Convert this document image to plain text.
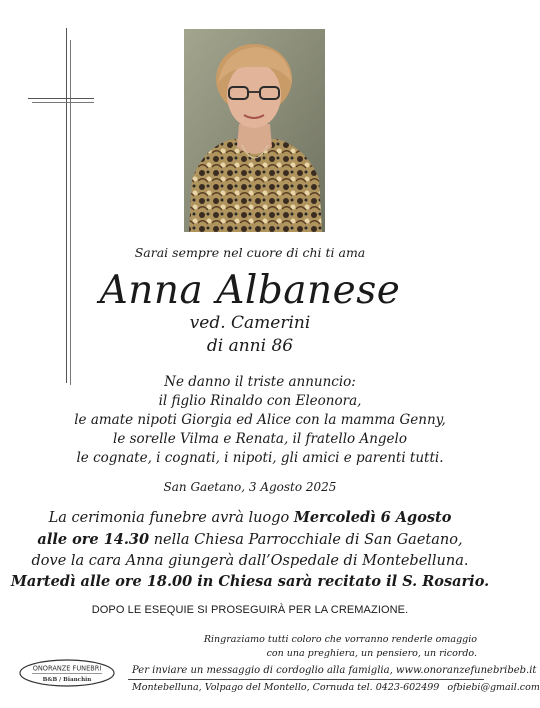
Sarai sempre nel cuore di chi ti ama
Anna Albanese
ved. Camerini
di anni 86
Ne danno il triste annuncio:
il figlio Rinaldo con Eleonora,
le amate nipoti Giorgia ed Alice con la mamma Genny,
le sorelle Vilma e Renata, il fratello Angelo
le cognate, i cognati, i nipoti, gli amici e parenti tutti.
San Gaetano, 3 Agosto 2025
La cerimonia funebre avrà luogo Mercoledì 6 Agosto
alle ore 14.30 nella Chiesa Parrocchiale di San Gaetano,
dove la cara Anna giungerà dall’Ospedale di Montebelluna.
Martedì alle ore 18.00 in Chiesa sarà recitato il S. Rosario.
DOPO LE ESEQUIE SI PROSEGUIRÀ PER LA CREMAZIONE.
Ringraziamo tutti coloro che vorranno renderle omaggio
con una preghiera, un pensiero, un ricordo.
ONORANZE FUNEBRI
B&B / Bianchin
Per inviare un messaggio di cordoglio alla famiglia, www.onoranzefunebribeb.it
Montebelluna, Volpago del Montello, Cornuda tel. 0423-602499 ofbiebi@gmail.com
